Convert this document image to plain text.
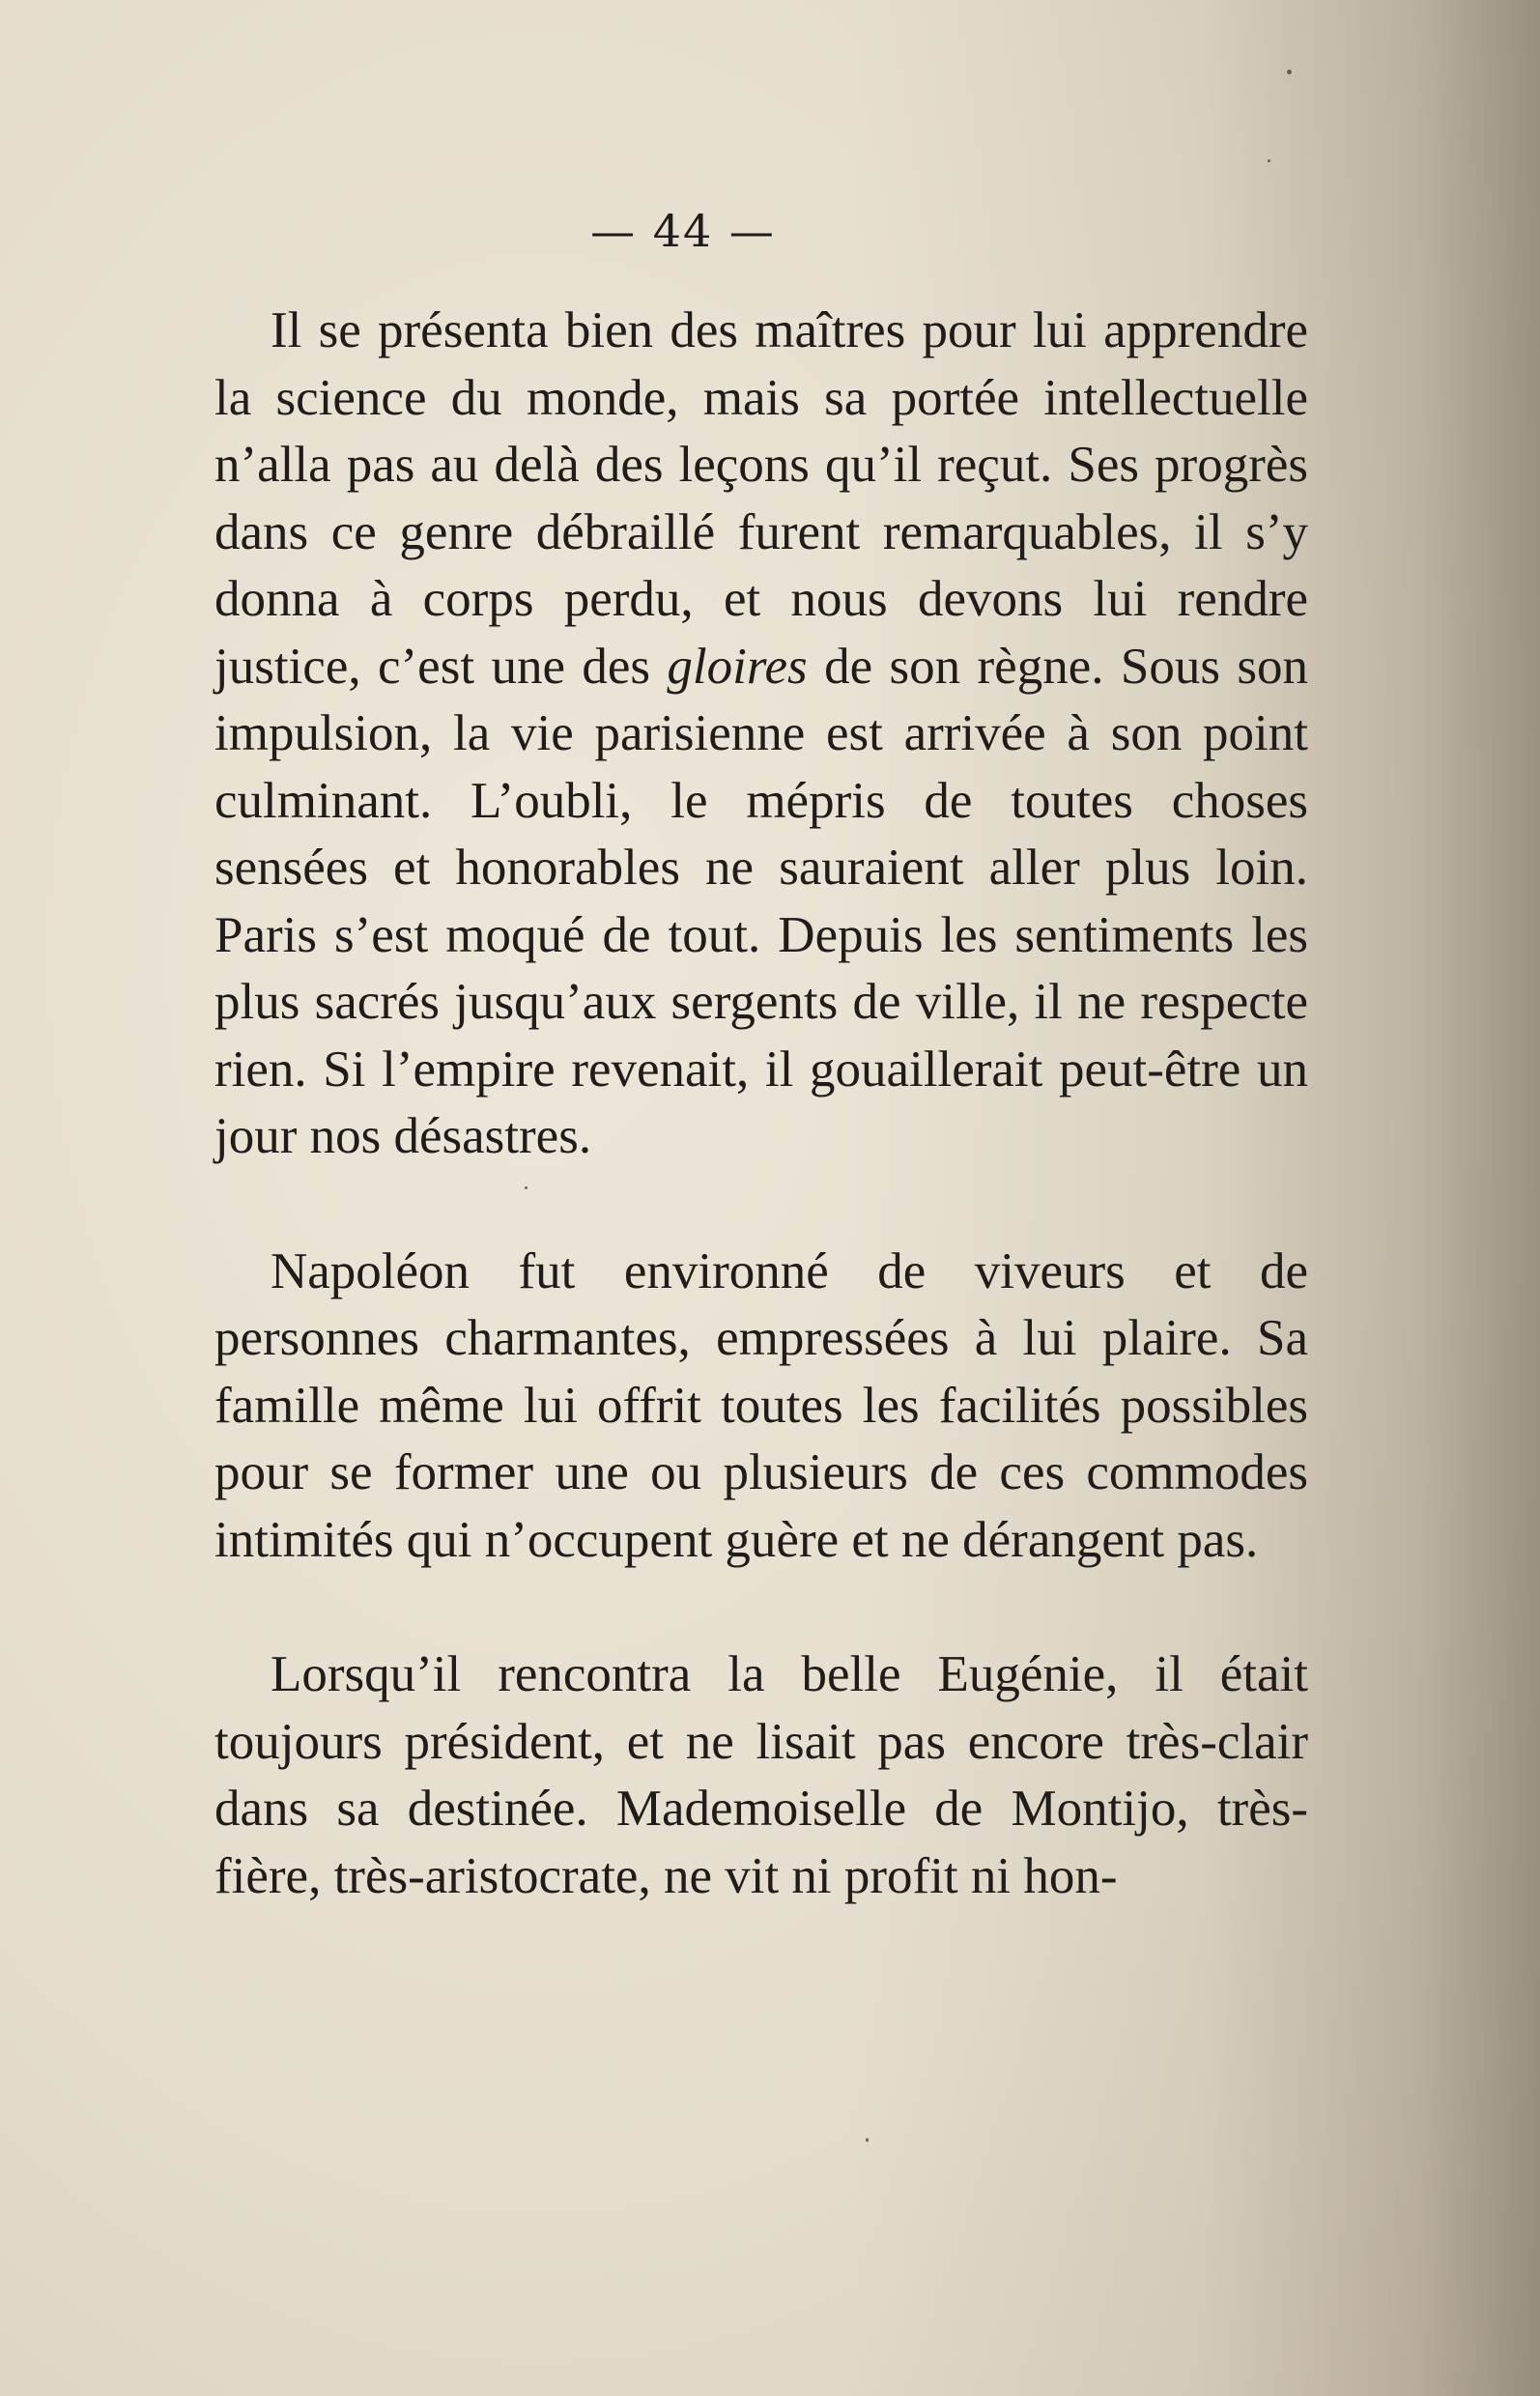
— 44 —

Il se présenta bien des maîtres pour lui apprendre la science du monde, mais sa portée intellectuelle n’alla pas au delà des leçons qu’il reçut. Ses progrès dans ce genre débraillé furent remarquables, il s’y donna à corps perdu, et nous devons lui rendre justice, c’est une des gloires de son règne. Sous son impulsion, la vie parisienne est arrivée à son point culminant. L’oubli, le mépris de toutes choses sensées et honorables ne sauraient aller plus loin. Paris s’est moqué de tout. Depuis les sentiments les plus sacrés jusqu’aux sergents de ville, il ne respecte rien. Si l’empire revenait, il gouaillerait peut-être un jour nos désastres.

Napoléon fut environné de viveurs et de personnes charmantes, empressées à lui plaire. Sa famille même lui offrit toutes les facilités possibles pour se former une ou plusieurs de ces commodes intimités qui n’occupent guère et ne dérangent pas.

Lorsqu’il rencontra la belle Eugénie, il était toujours président, et ne lisait pas encore très-clair dans sa destinée. Mademoiselle de Montijo, très-fière, très-aristocrate, ne vit ni profit ni hon-
